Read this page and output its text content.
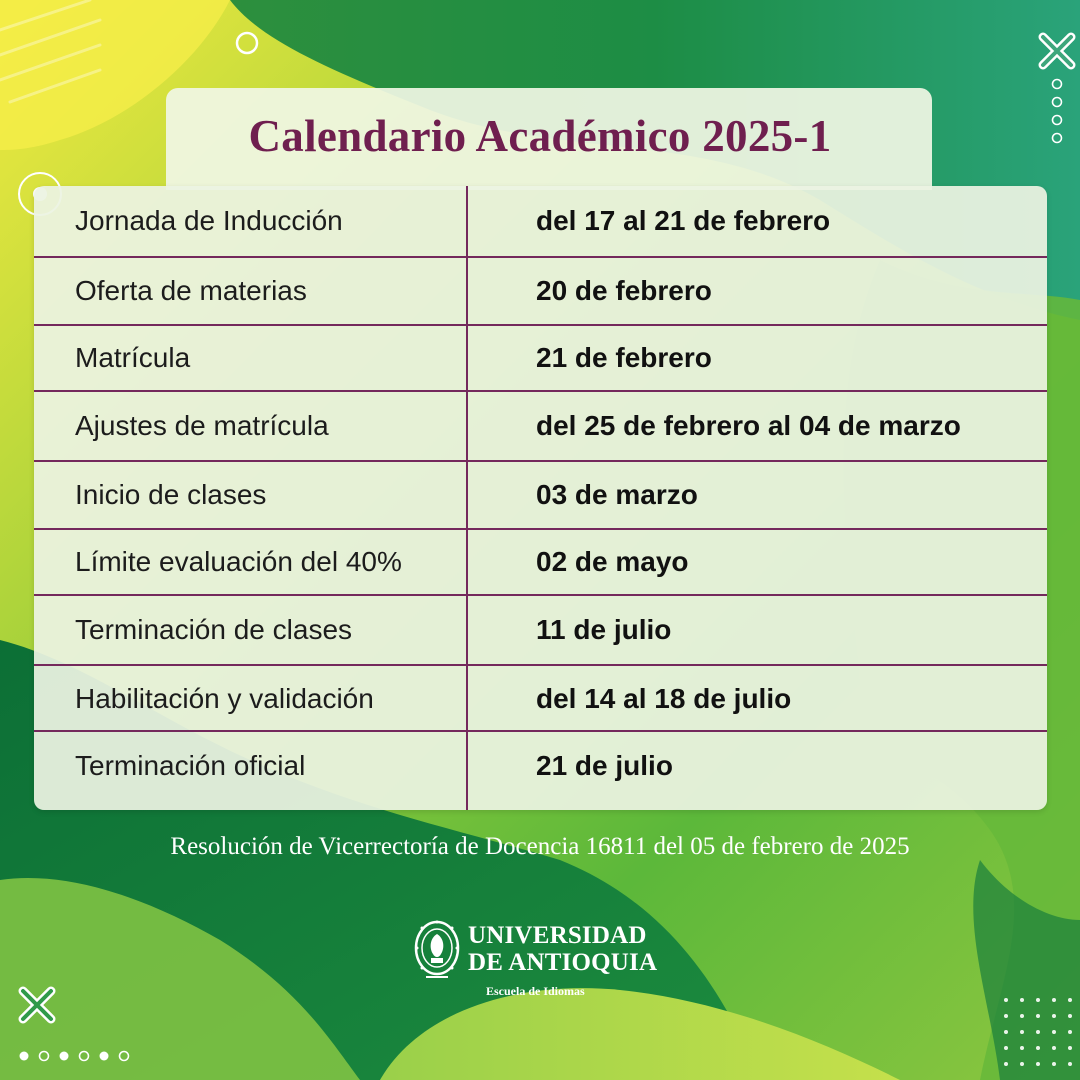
Calendario Académico 2025-1
Jornada de Inducción	del 17 al 21 de febrero
Oferta de materias	20 de febrero
Matrícula	21 de febrero
Ajustes de matrícula	del 25 de febrero al 04 de marzo
Inicio de clases	03 de marzo
Límite evaluación del 40%	02 de mayo
Terminación de clases	11 de julio
Habilitación y validación	del 14 al 18 de julio
Terminación oficial	21 de julio
Resolución de Vicerrectoría de Docencia 16811 del 05 de febrero de 2025
UNIVERSIDAD
DE ANTIOQUIA
Escuela de Idiomas
